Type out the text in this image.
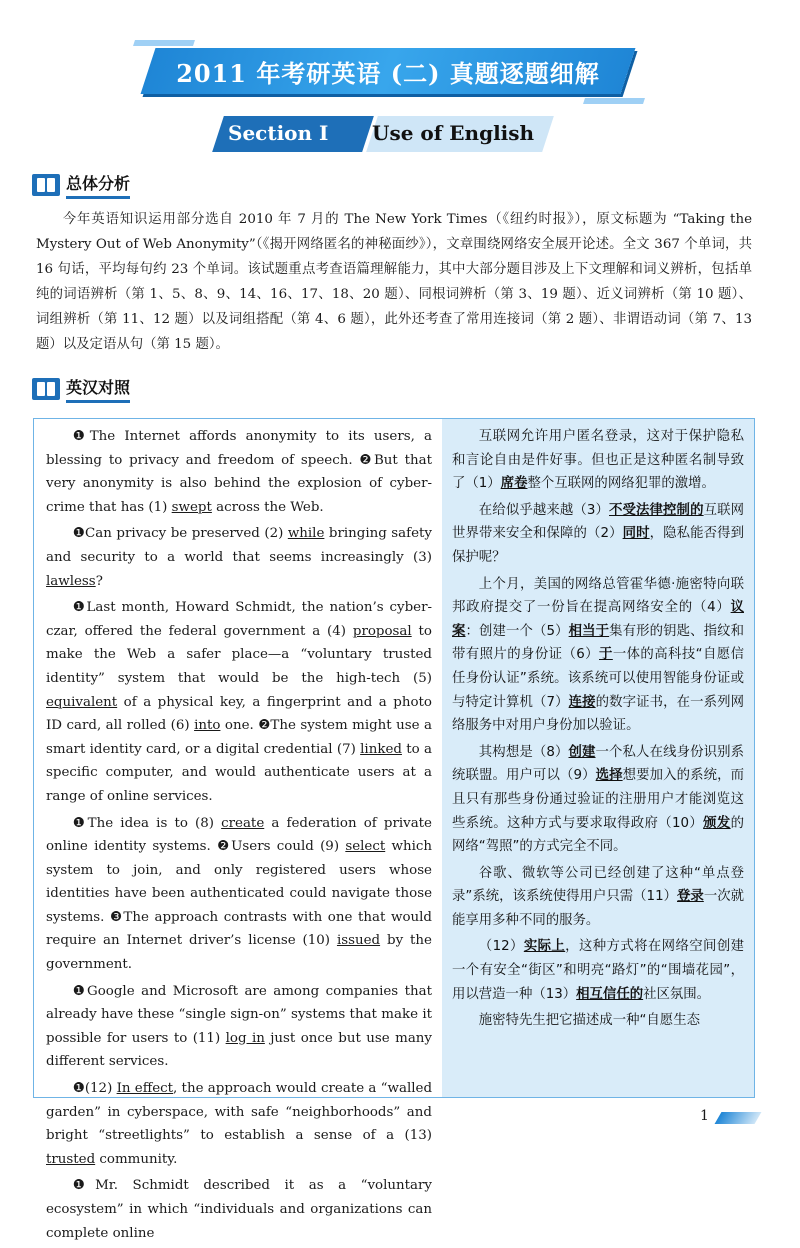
2011 年考研英语 (二) 真题逐题细解
Section Ⅰ Use of English
总体分析

今年英语知识运用部分选自 2010 年 7 月的 The New York Times（《纽约时报》），原文标题为 “Taking the Mystery Out of Web Anonymity”（《揭开网络匿名的神秘面纱》），文章围绕网络安全展开论述。全文 367 个单词，共 16 句话，平均每句约 23 个单词。该试题重点考查语篇理解能力，其中大部分题目涉及上下文理解和词义辨析，包括单纯的词语辨析（第 1、5、8、9、14、16、17、18、20 题）、同根词辨析（第 3、19 题）、近义词辨析（第 10 题）、词组辨析（第 11、12 题）以及词组搭配（第 4、6 题），此外还考查了常用连接词（第 2 题）、非谓语动词（第 7、13 题）以及定语从句（第 15 题）。

英汉对照

❶The Internet affords anonymity to its users, a blessing to privacy and freedom of speech. ❷But that very anonymity is also behind the explosion of cyber-crime that has (1) swept across the Web.

❶Can privacy be preserved (2) while bringing safety and security to a world that seems increasingly (3) lawless?

❶Last month, Howard Schmidt, the nation’s cyber-czar, offered the federal government a (4) proposal to make the Web a safer place—a “voluntary trusted identity” system that would be the high-tech (5) equivalent of a physical key, a fingerprint and a photo ID card, all rolled (6) into one. ❷The system might use a smart identity card, or a digital credential (7) linked to a specific computer, and would authenticate users at a range of online services.

❶The idea is to (8) create a federation of private online identity systems. ❷Users could (9) select which system to join, and only registered users whose identities have been authenticated could navigate those systems. ❸The approach contrasts with one that would require an Internet driver’s license (10) issued by the government.

❶Google and Microsoft are among companies that already have these “single sign-on” systems that make it possible for users to (11) log in just once but use many different services.

❶(12) In effect, the approach would create a “walled garden” in cyberspace, with safe “neighborhoods” and bright “streetlights” to establish a sense of a (13) trusted community.

❶Mr. Schmidt described it as a “voluntary ecosystem” in which “individuals and organizations can complete online

互联网允许用户匿名登录，这对于保护隐私和言论自由是件好事。但也正是这种匿名制导致了（1）席卷整个互联网的网络犯罪的激增。

在给似乎越来越（3）不受法律控制的互联网世界带来安全和保障的（2）同时，隐私能否得到保护呢？

上个月，美国的网络总管霍华德·施密特向联邦政府提交了一份旨在提高网络安全的（4）议案：创建一个（5）相当于集有形的钥匙、指纹和带有照片的身份证（6）于一体的高科技“自愿信任身份认证”系统。该系统可以使用智能身份证或与特定计算机（7）连接的数字证书，在一系列网络服务中对用户身份加以验证。

其构想是（8）创建一个私人在线身份识别系统联盟。用户可以（9）选择想要加入的系统，而且只有那些身份通过验证的注册用户才能浏览这些系统。这种方式与要求取得政府（10）颁发的网络“驾照”的方式完全不同。

谷歌、微软等公司已经创建了这种“单点登录”系统，该系统使得用户只需（11）登录一次就能享用多种不同的服务。

（12）实际上，这种方式将在网络空间创建一个有安全“街区”和明亮“路灯”的“围墙花园”，用以营造一种（13）相互信任的社区氛围。

施密特先生把它描述成一种“自愿生态

1
